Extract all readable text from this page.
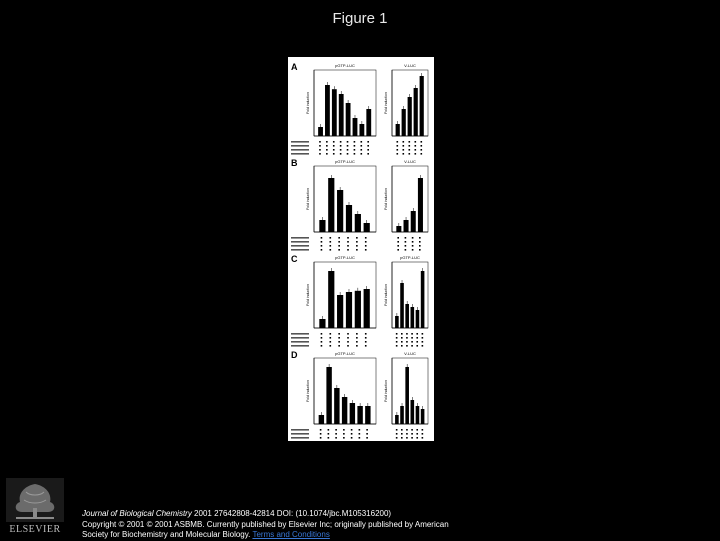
Figure 1
A	pGTP-LUC
Fold induction
V-LUC
Fold induction
B	pGTP-LUC
Fold induction
V-LUC
Fold induction
C	pGTP-LUC
Fold induction
pGTP-LUC
Fold induction
D	pGTP-LUC
Fold induction
V-LUC
Fold induction
ELSEVIER
Journal of Biological Chemistry 2001 27642808-42814 DOI: (10.1074/jbc.M105316200)
Copyright © 2001 © 2001 ASBMB. Currently published by Elsevier Inc; originally published by American
Society for Biochemistry and Molecular Biology. Terms and Conditions
